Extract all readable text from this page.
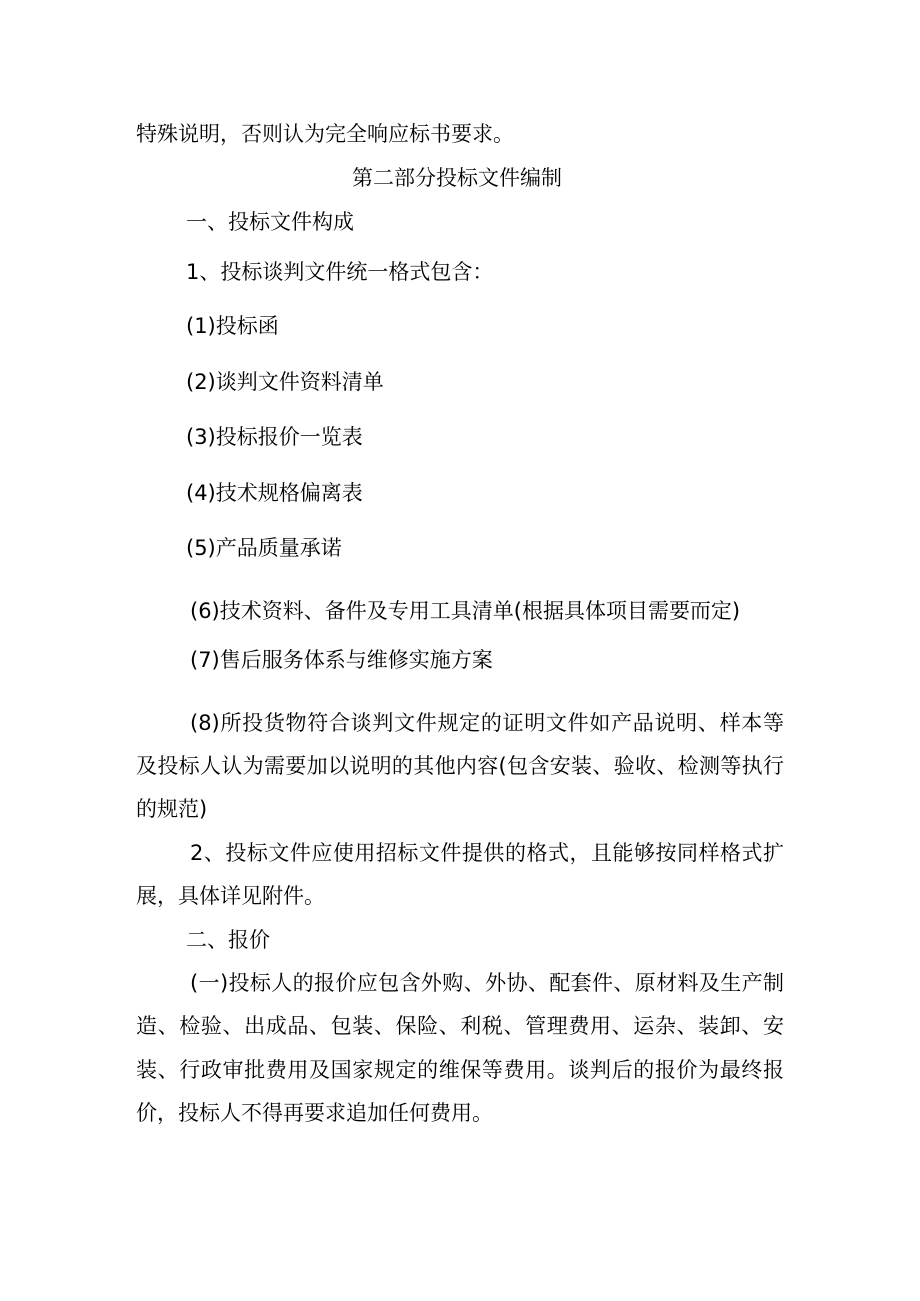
特殊说明，否则认为完全响应标书要求。
第二部分投标文件编制
一、投标文件构成
1、投标谈判文件统一格式包含：
(1)投标函
(2)谈判文件资料清单
(3)投标报价一览表
(4)技术规格偏离表
(5)产品质量承诺
(6)技术资料、备件及专用工具清单(根据具体项目需要而定)
(7)售后服务体系与维修实施方案
(8)所投货物符合谈判文件规定的证明文件如产品说明、样本等
及投标人认为需要加以说明的其他内容(包含安装、验收、检测等执行
的规范)
2、投标文件应使用招标文件提供的格式，且能够按同样格式扩
展，具体详见附件。
二、报价
(一)投标人的报价应包含外购、外协、配套件、原材料及生产制
造、检验、出成品、包装、保险、利税、管理费用、运杂、装卸、安
装、行政审批费用及国家规定的维保等费用。谈判后的报价为最终报
价，投标人不得再要求追加任何费用。
